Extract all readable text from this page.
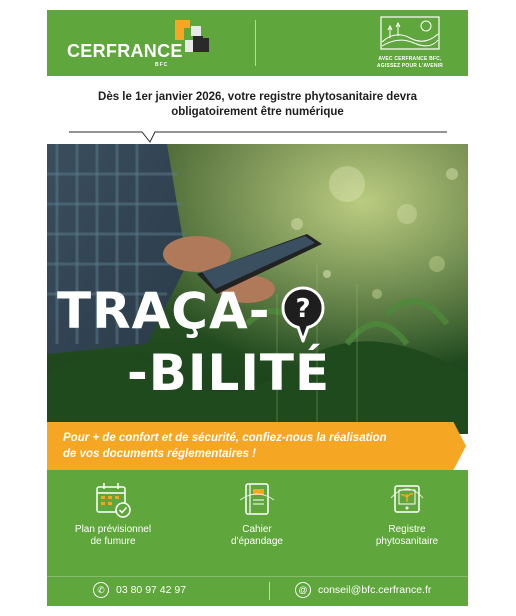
CERFRANCE
BFC
AVEC CERFRANCE BFC,
AGISSEZ POUR L'AVENIR
Dès le 1er janvier 2026, votre registre phytosanitaire devra
obligatoirement être numérique
TRAÇA-
-BILITÉ
?
Pour + de confort et de sécurité, confiez-nous la réalisation
de vos documents réglementaires !
Plan prévisionnel
de fumure
Cahier
d'épandage
Registre
phytosanitaire
✆	03 80 97 42 97	@ conseil@bfc.cerfrance.fr
